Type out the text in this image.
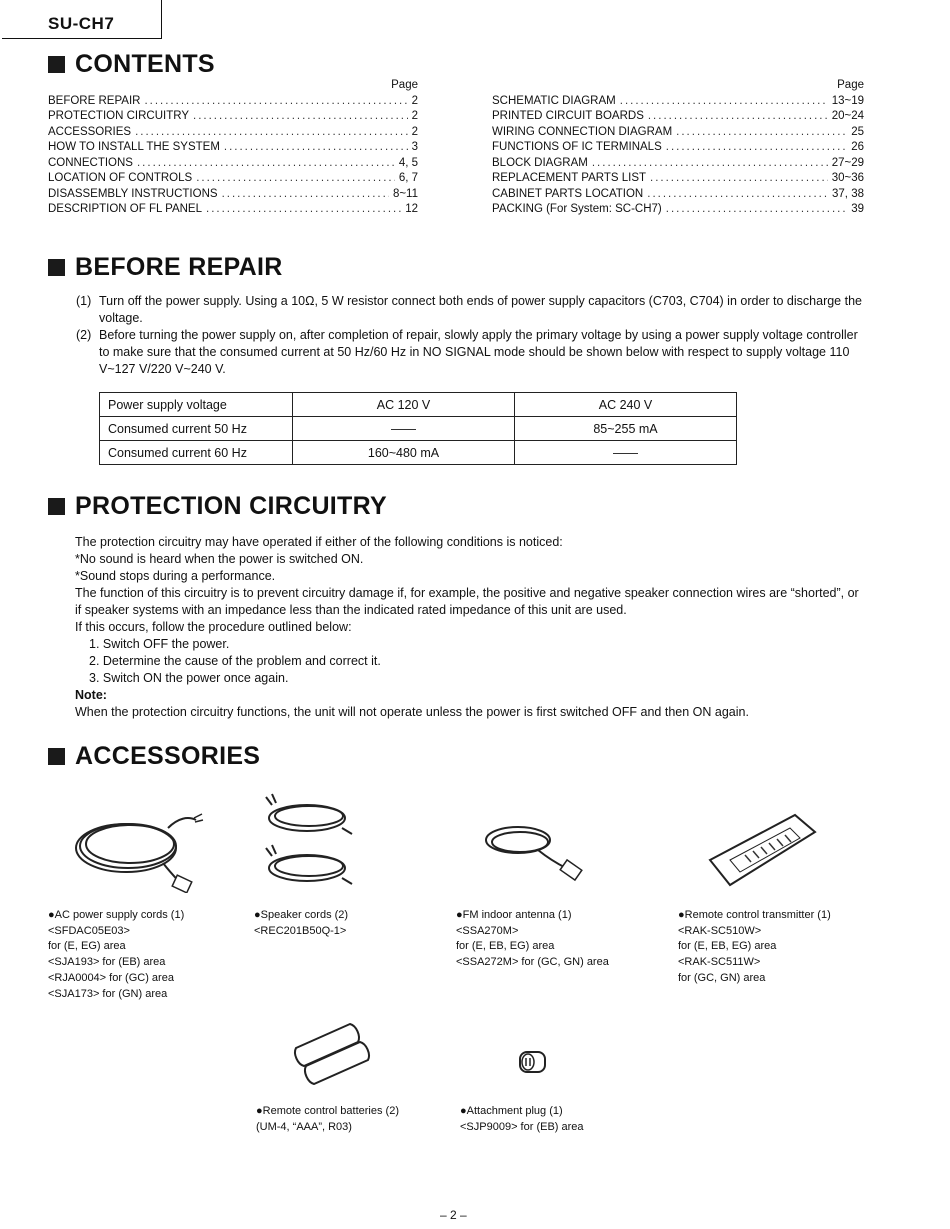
SU-CH7
CONTENTS
Page
BEFORE REPAIR .....	2
PROTECTION CIRCUITRY .....	2
ACCESSORIES .....	2
HOW TO INSTALL THE SYSTEM .....	3
CONNECTIONS .....	4, 5
LOCATION OF CONTROLS .....	6, 7
DISASSEMBLY INSTRUCTIONS .....	8~11
DESCRIPTION OF FL PANEL .....	12
Page
SCHEMATIC DIAGRAM .....	13~19
PRINTED CIRCUIT BOARDS .....	20~24
WIRING CONNECTION DIAGRAM .....	25
FUNCTIONS OF IC TERMINALS .....	26
BLOCK DIAGRAM .....	27~29
REPLACEMENT PARTS LIST .....	30~36
CABINET PARTS LOCATION .....	37, 38
PACKING (For System: SC-CH7) .....	39
BEFORE REPAIR
(1) Turn off the power supply. Using a 10Ω, 5 W resistor connect both ends of power supply capacitors (C703, C704) in order to discharge the voltage.
(2) Before turning the power supply on, after completion of repair, slowly apply the primary voltage by using a power supply voltage controller to make sure that the consumed current at 50 Hz/60 Hz in NO SIGNAL mode should be shown below with respect to supply voltage 110 V~127 V/220 V~240 V.
Power supply voltage	AC 120 V	AC 240 V
Consumed current 50 Hz	——	85~255 mA
Consumed current 60 Hz	160~480 mA	——
PROTECTION CIRCUITRY
The protection circuitry may have operated if either of the following conditions is noticed:
*No sound is heard when the power is switched ON.
*Sound stops during a performance.
The function of this circuitry is to prevent circuitry damage if, for example, the positive and negative speaker connection wires are “shorted”, or if speaker systems with an impedance less than the indicated rated impedance of this unit are used.
If this occurs, follow the procedure outlined below:
1. Switch OFF the power.
2. Determine the cause of the problem and correct it.
3. Switch ON the power once again.
Note:
When the protection circuitry functions, the unit will not operate unless the power is first switched OFF and then ON again.
ACCESSORIES
●AC power supply cords (1)
<SFDAC05E03>
for (E, EG) area
<SJA193> for (EB) area
<RJA0004> for (GC) area
<SJA173> for (GN) area
●Speaker cords (2)
<REC201B50Q-1>
●FM indoor antenna (1)
<SSA270M>
for (E, EB, EG) area
<SSA272M> for (GC, GN) area
●Remote control transmitter (1)
<RAK-SC510W>
for (E, EB, EG) area
<RAK-SC511W>
for (GC, GN) area
●Remote control batteries (2)
(UM-4, “AAA”, R03)
●Attachment plug (1)
<SJP9009> for (EB) area
– 2 –
